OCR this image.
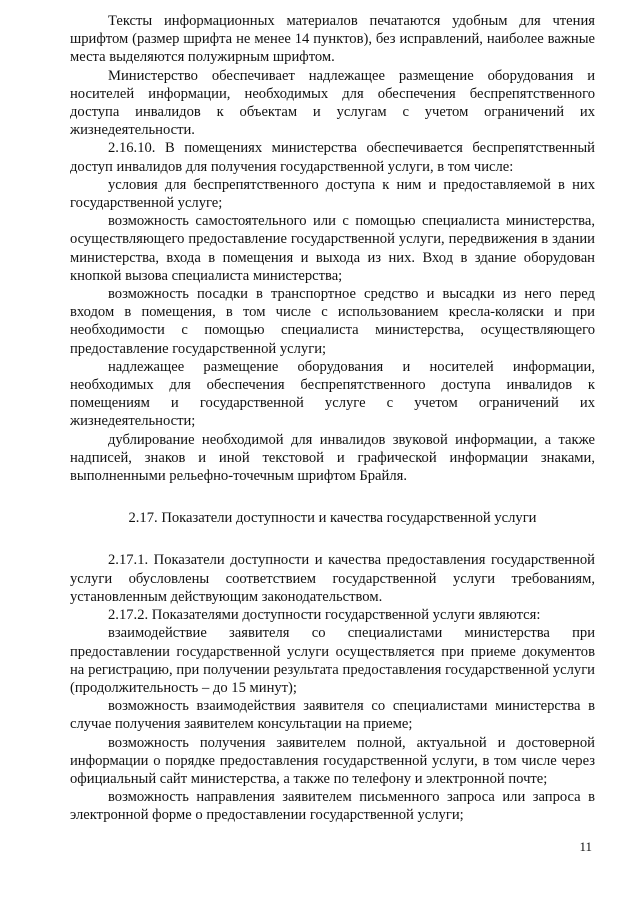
Тексты информационных материалов печатаются удобным для чтения шрифтом (размер шрифта не менее 14 пунктов), без исправлений, наиболее важные места выделяются полужирным шрифтом.

Министерство обеспечивает надлежащее размещение оборудования и носителей информации, необходимых для обеспечения беспрепятственного доступа инвалидов к объектам и услугам с учетом ограничений их жизнедеятельности.

2.16.10. В помещениях министерства обеспечивается беспрепятственный доступ инвалидов для получения государственной услуги, в том числе:

условия для беспрепятственного доступа к ним и предоставляемой в них государственной услуге;

возможность самостоятельного или с помощью специалиста министерства, осуществляющего предоставление государственной услуги, передвижения в здании министерства, входа в помещения и выхода из них. Вход в здание оборудован кнопкой вызова специалиста министерства;

возможность посадки в транспортное средство и высадки из него перед входом в помещения, в том числе с использованием кресла-коляски и при необходимости с помощью специалиста министерства, осуществляющего предоставление государственной услуги;

надлежащее размещение оборудования и носителей информации, необходимых для обеспечения беспрепятственного доступа инвалидов к помещениям и государственной услуге с учетом ограничений их жизнедеятельности;

дублирование необходимой для инвалидов звуковой информации, а также надписей, знаков и иной текстовой и графической информации знаками, выполненными рельефно-точечным шрифтом Брайля.

2.17. Показатели доступности и качества государственной услуги

2.17.1. Показатели доступности и качества предоставления государственной услуги обусловлены соответствием государственной услуги требованиям, установленным действующим законодательством.

2.17.2. Показателями доступности государственной услуги являются:

взаимодействие заявителя со специалистами министерства при предоставлении государственной услуги осуществляется при приеме документов на регистрацию, при получении результата предоставления государственной услуги (продолжительность – до 15 минут);

возможность взаимодействия заявителя со специалистами министерства в случае получения заявителем консультации на приеме;

возможность получения заявителем полной, актуальной и достоверной информации о порядке предоставления государственной услуги, в том числе через официальный сайт министерства, а также по телефону и электронной почте;

возможность направления заявителем письменного запроса или запроса в электронной форме о предоставлении государственной услуги;

11
